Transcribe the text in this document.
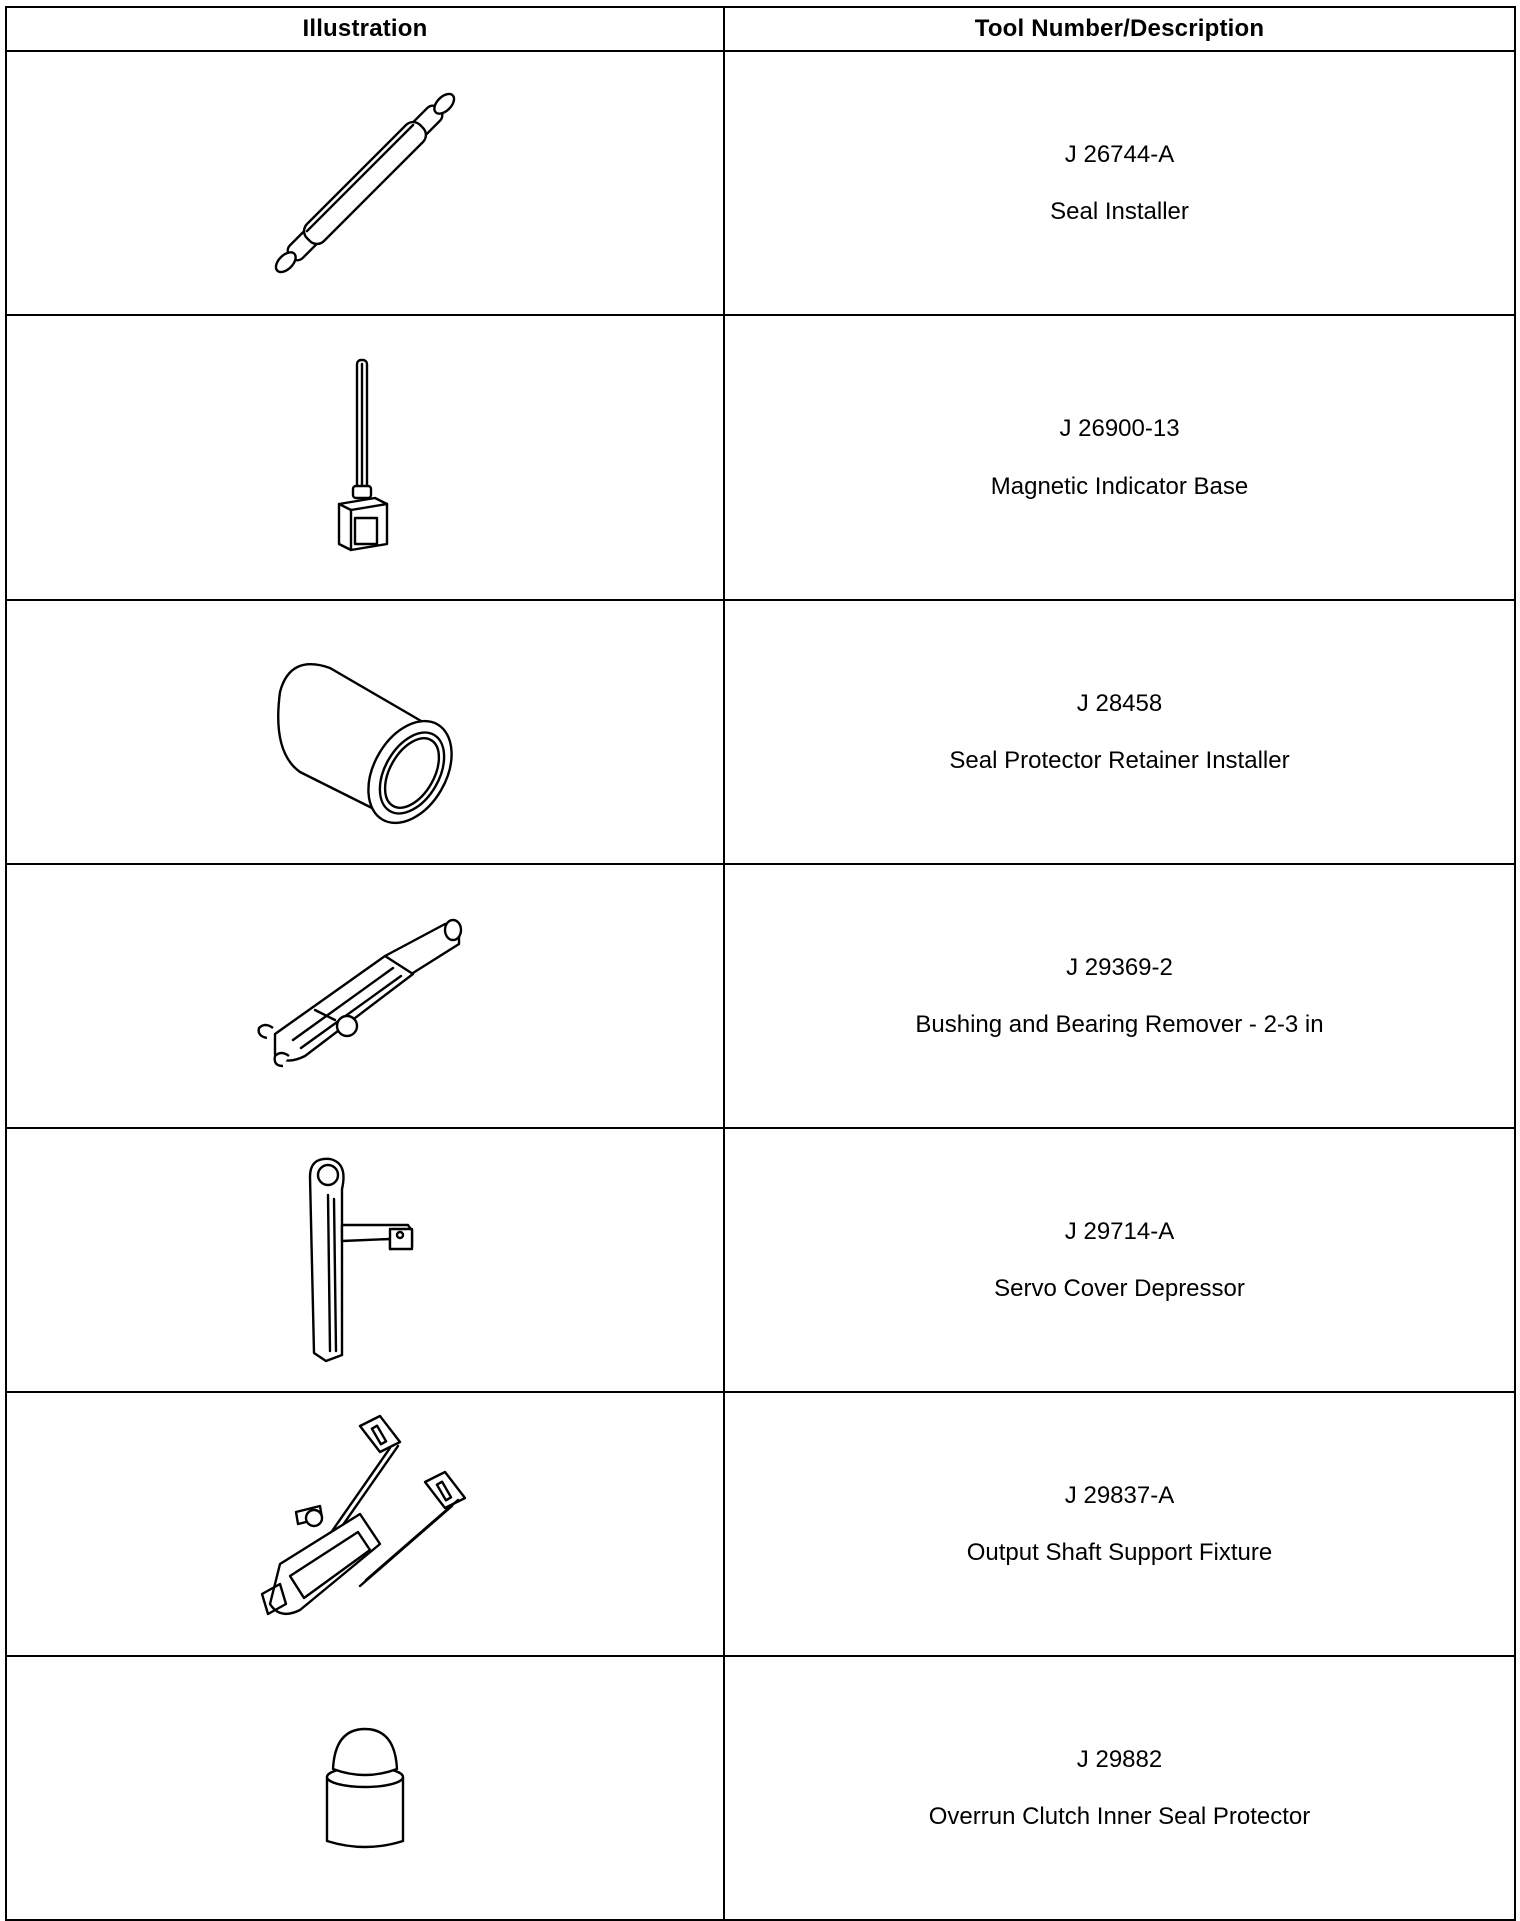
Illustration	Tool Number/Description

J 26744-A
Seal Installer

J 26900-13
Magnetic Indicator Base

J 28458
Seal Protector Retainer Installer

J 29369-2
Bushing and Bearing Remover - 2-3 in

J 29714-A
Servo Cover Depressor

J 29837-A
Output Shaft Support Fixture

J 29882
Overrun Clutch Inner Seal Protector
